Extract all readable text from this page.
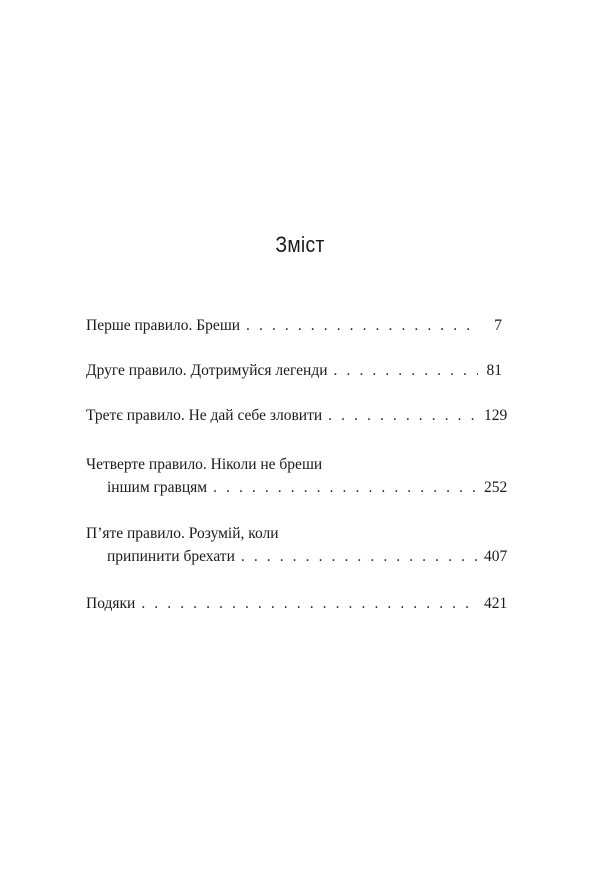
Зміст
Перше правило. Бреши . . .	7
Друге правило. Дотримуйся легенди . . .	81
Третє правило. Не дай себе зловити . . .	129
Четверте правило. Ніколи не бреши
іншим гравцям . . .	252
П’яте правило. Розумій, коли
припинити брехати . . .	407
Подяки . . .	421
